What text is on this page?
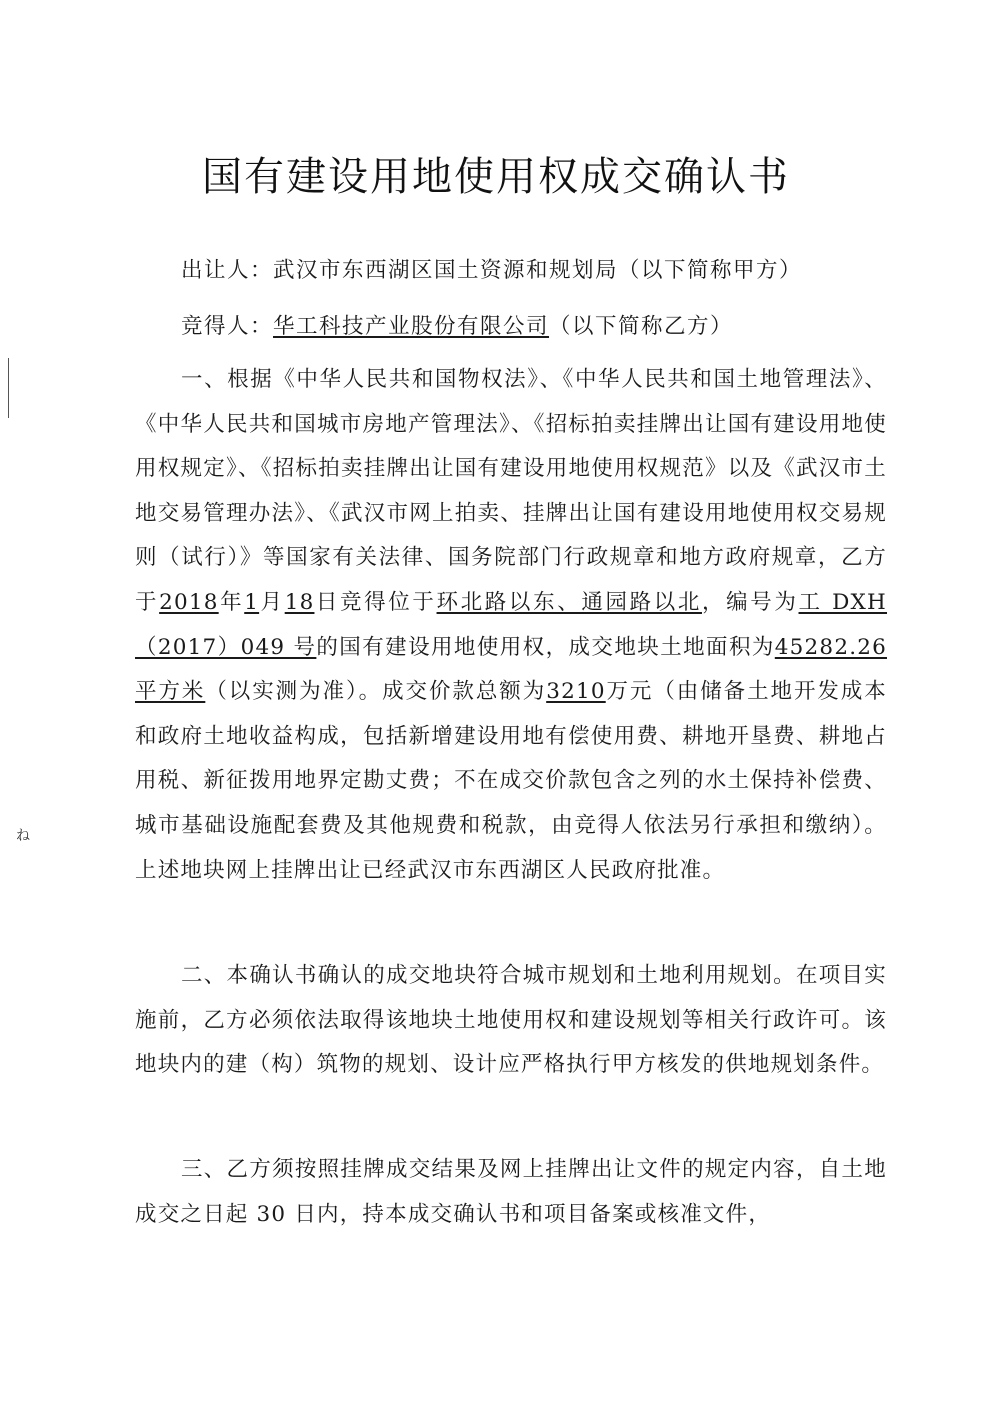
国有建设用地使用权成交确认书
出让人：武汉市东西湖区国土资源和规划局（以下简称甲方）
竞得人：华工科技产业股份有限公司（以下简称乙方）

一、根据《中华人民共和国物权法》、《中华人民共和国土地管理法》、《中华人民共和国城市房地产管理法》、《招标拍卖挂牌出让国有建设用地使用权规定》、《招标拍卖挂牌出让国有建设用地使用权规范》以及《武汉市土地交易管理办法》、《武汉市网上拍卖、挂牌出让国有建设用地使用权交易规则（试行）》等国家有关法律、国务院部门行政规章和地方政府规章，乙方于2018年1月18日竞得位于环北路以东、通园路以北，编号为工 DXH（2017）049 号的国有建设用地使用权，成交地块土地面积为45282.26 平方米（以实测为准）。成交价款总额为3210万元（由储备土地开发成本和政府土地收益构成，包括新增建设用地有偿使用费、耕地开垦费、耕地占用税、新征拨用地界定勘丈费；不在成交价款包含之列的水土保持补偿费、城市基础设施配套费及其他规费和税款，由竞得人依法另行承担和缴纳）。上述地块网上挂牌出让已经武汉市东西湖区人民政府批准。

二、本确认书确认的成交地块符合城市规划和土地利用规划。在项目实施前，乙方必须依法取得该地块土地使用权和建设规划等相关行政许可。该地块内的建（构）筑物的规划、设计应严格执行甲方核发的供地规划条件。

三、乙方须按照挂牌成交结果及网上挂牌出让文件的规定内容，自土地成交之日起 30 日内，持本成交确认书和项目备案或核准文件，

ね
